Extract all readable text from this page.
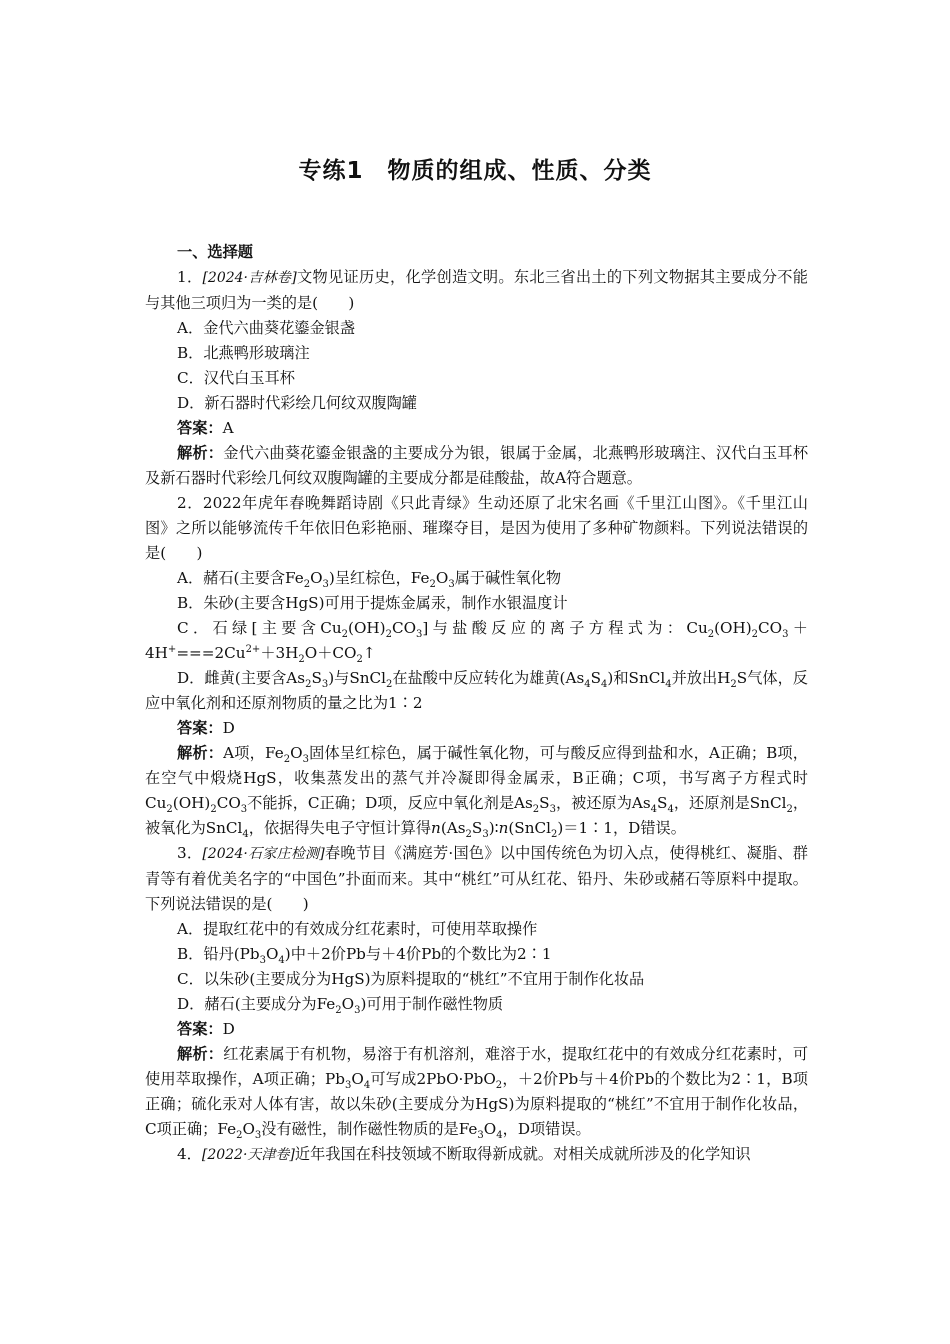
专练1　物质的组成、性质、分类

一、选择题

1．[2024·吉林卷]文物见证历史，化学创造文明。东北三省出土的下列文物据其主要成分不能与其他三项归为一类的是(　　)

A．金代六曲葵花鎏金银盏

B．北燕鸭形玻璃注

C．汉代白玉耳杯

D．新石器时代彩绘几何纹双腹陶罐

答案：A

解析：金代六曲葵花鎏金银盏的主要成分为银，银属于金属，北燕鸭形玻璃注、汉代白玉耳杯及新石器时代彩绘几何纹双腹陶罐的主要成分都是硅酸盐，故A符合题意。

2．2022年虎年春晚舞蹈诗剧《只此青绿》生动还原了北宋名画《千里江山图》。《千里江山图》之所以能够流传千年依旧色彩艳丽、璀璨夺目，是因为使用了多种矿物颜料。下列说法错误的是(　　)

A．赭石(主要含$Fe_2O_3$)呈红棕色，$Fe_2O_3$属于碱性氧化物

B．朱砂(主要含HgS)可用于提炼金属汞，制作水银温度计

C．石绿[主要含$Cu_2(OH)_2CO_3$]与盐酸反应的离子方程式为：$Cu_2(OH)_2CO_3+4H^+===2Cu^{2+}+3H_2O+CO_2↑$

D．雌黄(主要含$As_2S_3$)与SnCl$_2$在盐酸中反应转化为雄黄$(As_4S_4)$和SnCl$_4$并放出$H_2S$气体，反应中氧化剂和还原剂物质的量之比为1∶2

答案：D

解析：A项，$Fe_2O_3$固体呈红棕色，属于碱性氧化物，可与酸反应得到盐和水，A正确；B项，在空气中煅烧HgS，收集蒸发出的蒸气并冷凝即得金属汞，B正确；C项，书写离子方程式时$Cu_2(OH)_2CO_3$不能拆，C正确；D项，反应中氧化剂是$As_2S_3$，被还原为$As_4S_4$，还原剂是SnCl$_2$，被氧化为SnCl$_4$，依据得失电子守恒计算得$n(As_2S_3)∶n(SnCl_2)=1∶1$，D错误。

3．[2024·石家庄检测]春晚节目《满庭芳·国色》以中国传统色为切入点，使得桃红、凝脂、群青等有着优美名字的“中国色”扑面而来。其中“桃红”可从红花、铅丹、朱砂或赭石等原料中提取。下列说法错误的是(　　)

A．提取红花中的有效成分红花素时，可使用萃取操作

B．铅丹$(Pb_3O_4)$中＋2价Pb与＋4价Pb的个数比为2∶1

C．以朱砂(主要成分为HgS)为原料提取的“桃红”不宜用于制作化妆品

D．赭石(主要成分为$Fe_2O_3$)可用于制作磁性物质

答案：D

解析：红花素属于有机物，易溶于有机溶剂，难溶于水，提取红花中的有效成分红花素时，可使用萃取操作，A项正确；$Pb_3O_4$可写成2PbO·PbO$_2$，＋2价Pb与＋4价Pb的个数比为2∶1，B项正确；硫化汞对人体有害，故以朱砂(主要成分为HgS)为原料提取的“桃红”不宜用于制作化妆品，C项正确；$Fe_2O_3$没有磁性，制作磁性物质的是$Fe_3O_4$，D项错误。

4．[2022·天津卷]近年我国在科技领域不断取得新成就。对相关成就所涉及的化学知识
